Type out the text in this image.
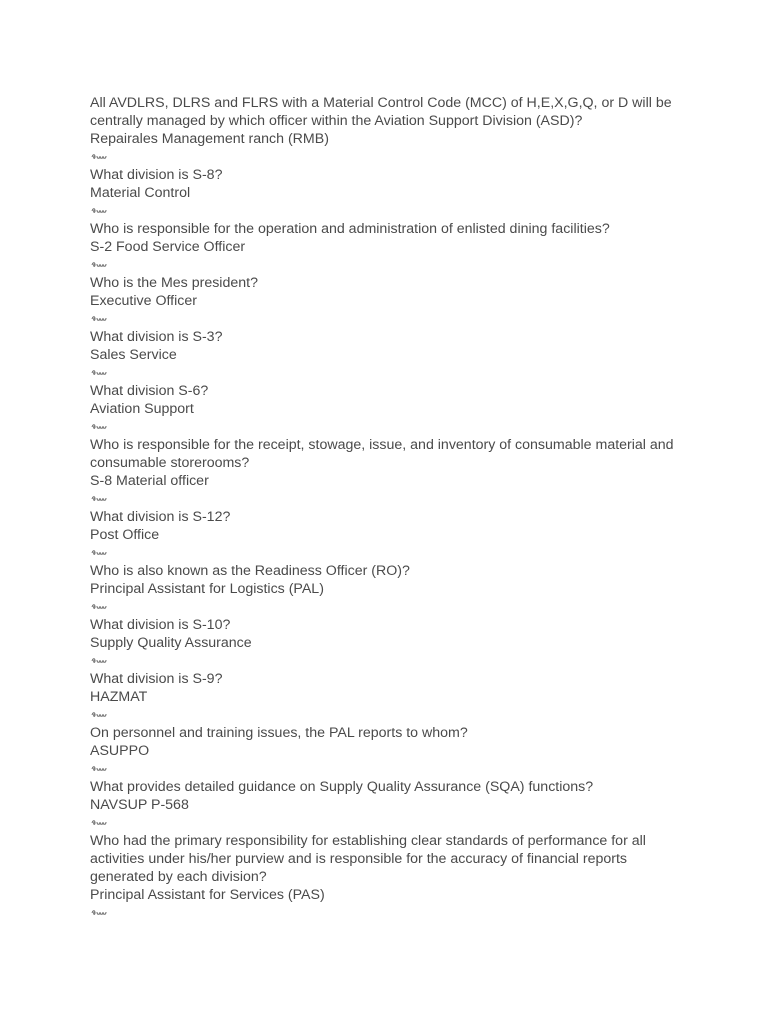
All AVDLRS, DLRS and FLRS with a Material Control Code (MCC) of H,E,X,G,Q, or D will be centrally managed by which officer within the Aviation Support Division (ASD)?
Repairales Management ranch (RMB)
What division is S-8?
Material Control
Who is responsible for the operation and administration of enlisted dining facilities?
S-2 Food Service Officer
Who is the Mes president?
Executive Officer
What division is S-3?
Sales Service
What division S-6?
Aviation Support
Who is responsible for the receipt, stowage, issue, and inventory of consumable material and consumable storerooms?
S-8 Material officer
What division is S-12?
Post Office
Who is also known as the Readiness Officer (RO)?
Principal Assistant for Logistics (PAL)
What division is S-10?
Supply Quality Assurance
What division is S-9?
HAZMAT
On personnel and training issues, the PAL reports to whom?
ASUPPO
What provides detailed guidance on Supply Quality Assurance (SQA) functions?
NAVSUP P-568
Who had the primary responsibility for establishing clear standards of performance for all activities under his/her purview and is responsible for the accuracy of financial reports generated by each division?
Principal Assistant for Services (PAS)
